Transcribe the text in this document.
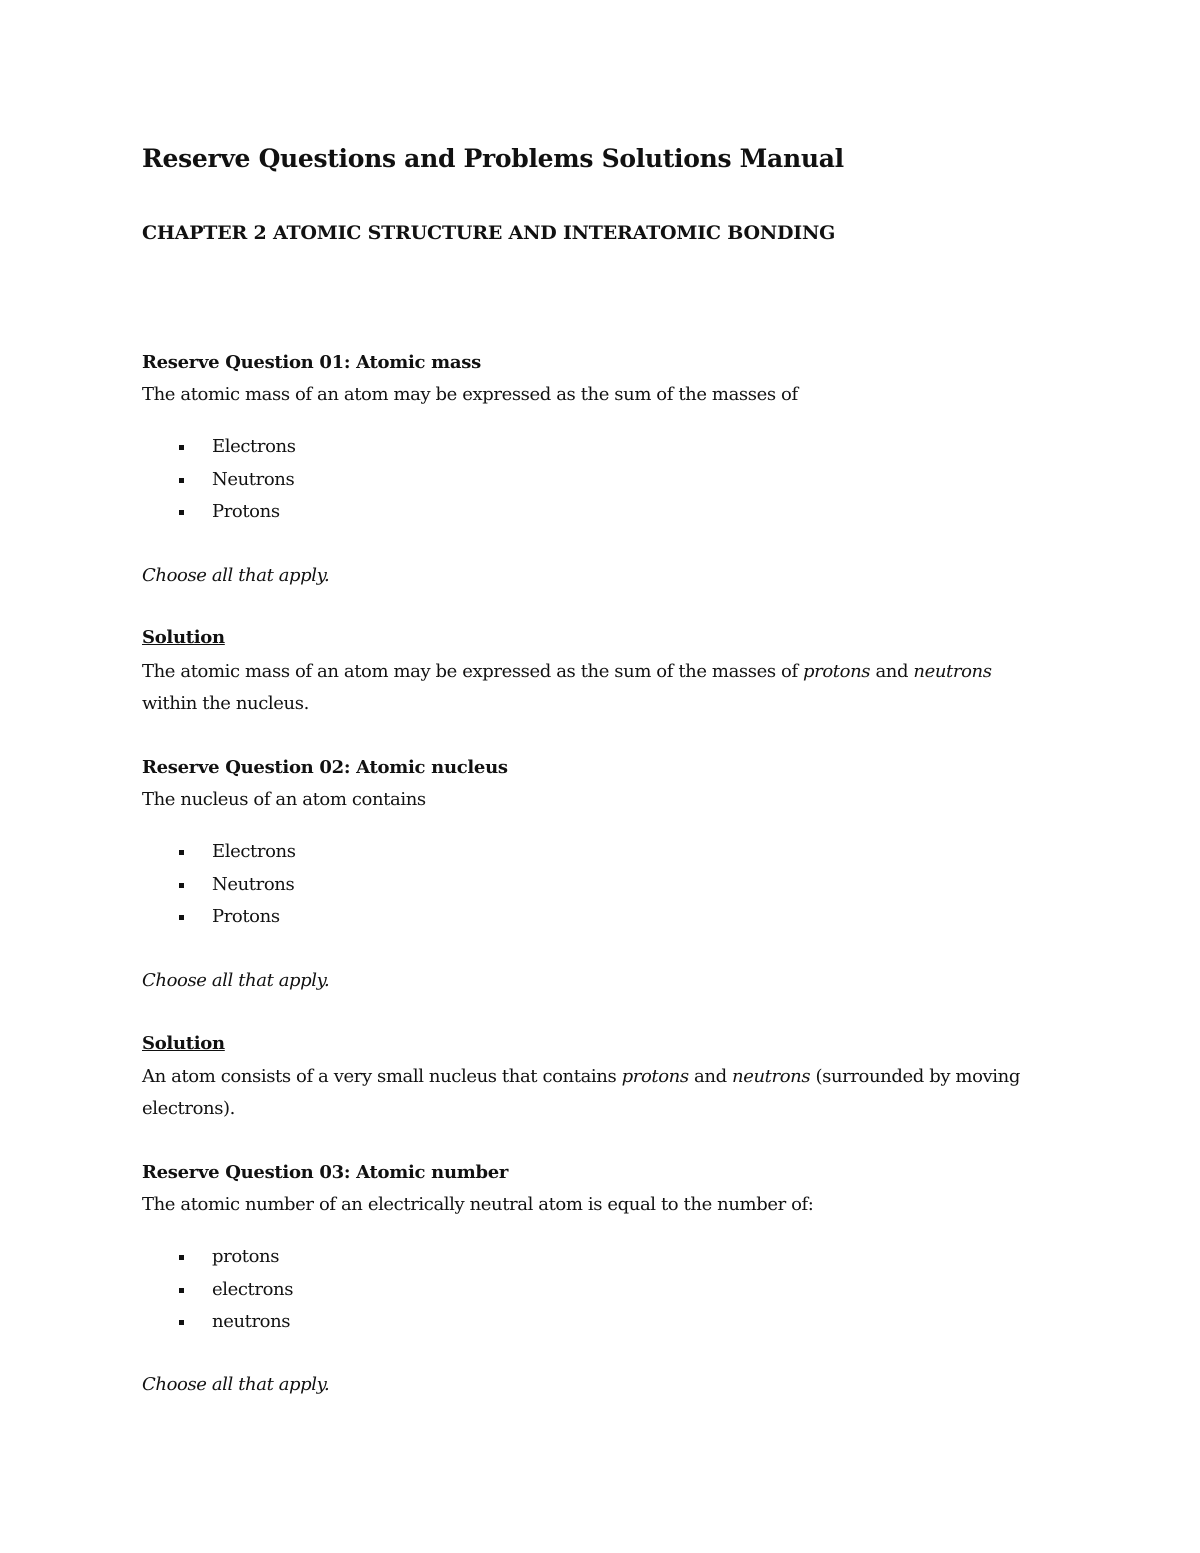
Reserve Questions and Problems Solutions Manual
CHAPTER 2 ATOMIC STRUCTURE AND INTERATOMIC BONDING
Reserve Question 01: Atomic mass
The atomic mass of an atom may be expressed as the sum of the masses of
Electrons
Neutrons
Protons
Choose all that apply.
Solution
The atomic mass of an atom may be expressed as the sum of the masses of protons and neutrons
within the nucleus.
Reserve Question 02: Atomic nucleus
The nucleus of an atom contains
Electrons
Neutrons
Protons
Choose all that apply.
Solution
An atom consists of a very small nucleus that contains protons and neutrons (surrounded by moving electrons).
Reserve Question 03: Atomic number
The atomic number of an electrically neutral atom is equal to the number of:
protons
electrons
neutrons
Choose all that apply.
